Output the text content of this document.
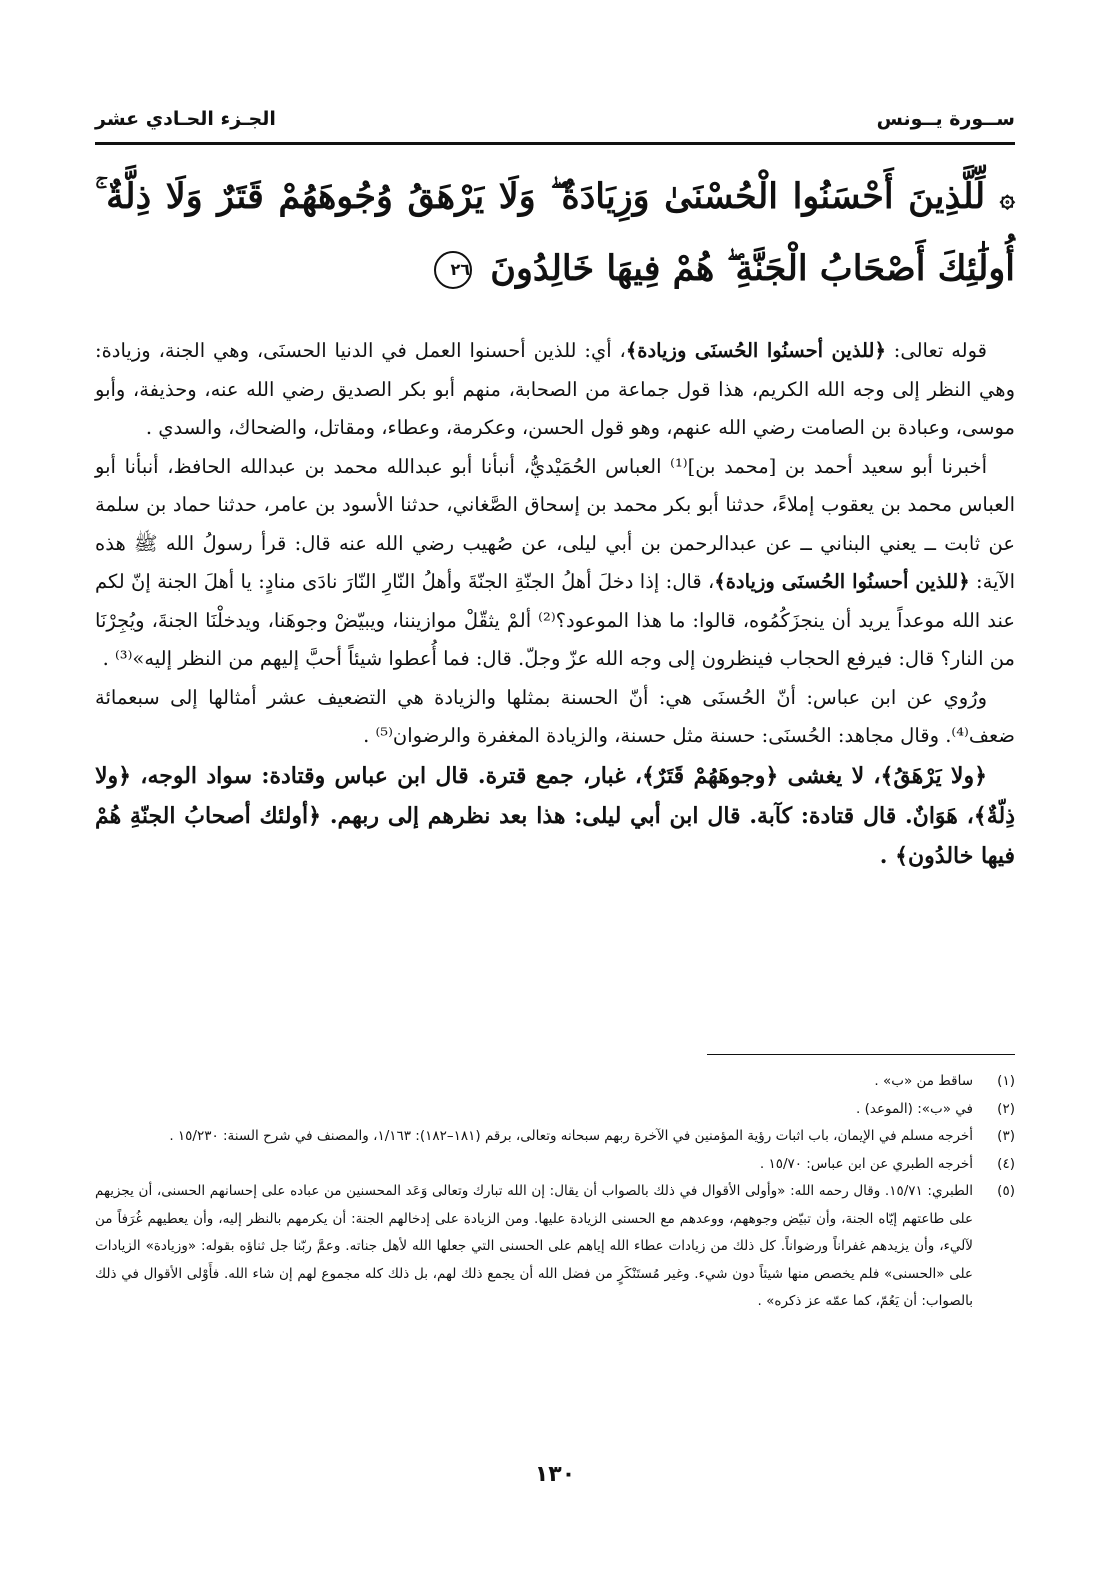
ســورة يــونس
الجـزء الحـادي عشر
۞ لِّلَّذِينَ أَحْسَنُوا الْحُسْنَىٰ وَزِيَادَةٌ ۖ وَلَا يَرْهَقُ وُجُوهَهُمْ قَتَرٌ وَلَا ذِلَّةٌ ۚ أُولَٰئِكَ أَصْحَابُ الْجَنَّةِ ۖ هُمْ فِيهَا خَالِدُونَ ٢٦

قوله تعالى: ﴿للذين أحسنُوا الحُسنَى وزيادة﴾، أي: للذين أحسنوا العمل في الدنيا الحسنَى، وهي الجنة، وزيادة: وهي النظر إلى وجه الله الكريم، هذا قول جماعة من الصحابة، منهم أبو بكر الصديق رضي الله عنه، وحذيفة، وأبو موسى، وعبادة بن الصامت رضي الله عنهم، وهو قول الحسن، وعكرمة، وعطاء، ومقاتل، والضحاك، والسدي .

أخبرنا أبو سعيد أحمد بن [محمد بن]⁽¹⁾ العباس الحُمَيْديُّ، أنبأنا أبو عبدالله محمد بن عبدالله الحافظ، أنبأنا أبو العباس محمد بن يعقوب إملاءً، حدثنا أبو بكر محمد بن إسحاق الصَّغاني، حدثنا الأسود بن عامر، حدثنا حماد بن سلمة عن ثابت ــ يعني البناني ــ عن عبدالرحمن بن أبي ليلى، عن صُهيب رضي الله عنه قال: قرأ رسولُ الله ﷺ هذه الآية: ﴿للذين أحسنُوا الحُسنَى وزيادة﴾، قال: إذا دخلَ أهلُ الجنّةِ الجنّةَ وأهلُ النّارِ النّارَ نادَى منادٍ: يا أهلَ الجنة إنّ لكم عند الله موعداً يريد أن ينجزَكُمُوه، قالوا: ما هذا الموعود؟⁽²⁾ ألمْ يثقّلْ موازيننا، ويبيّضْ وجوهَنا، ويدخلْنَا الجنةَ، ويُجِرْنَا من النار؟ قال: فيرفع الحجاب فينظرون إلى وجه الله عزّ وجلّ. قال: فما أُعطوا شيئاً أحبَّ إليهم من النظر إليه»⁽³⁾ .

ورُوي عن ابن عباس: أنّ الحُسنَى هي: أنّ الحسنة بمثلها والزيادة هي التضعيف عشر أمثالها إلى سبعمائة ضعف⁽⁴⁾. وقال مجاهد: الحُسنَى: حسنة مثل حسنة، والزيادة المغفرة والرضوان⁽⁵⁾ .

﴿ولا يَرْهَقُ﴾، لا يغشى ﴿وجوهَهُمْ قَتَرٌ﴾، غبار، جمع قترة. قال ابن عباس وقتادة: سواد الوجه، ﴿ولا ذِلّةٌ﴾، هَوَانٌ. قال قتادة: كآبة. قال ابن أبي ليلى: هذا بعد نظرهم إلى ربهم. ﴿أولئك أصحابُ الجنّةِ هُمْ فيها خالدُون﴾ .

(١)
ساقط من «ب» .
(٢)
في «ب»: (الموعد) .
(٣)
أخرجه مسلم في الإيمان، باب اثبات رؤية المؤمنين في الآخرة ربهم سبحانه وتعالى، برقم (١٨١–١٨٢): ١/١٦٣، والمصنف في شرح السنة: ١٥/٢٣٠ .
(٤)
أخرجه الطبري عن ابن عباس: ١٥/٧٠ .
(٥)
الطبري: ١٥/٧١. وقال رحمه الله: «وأولى الأقوال في ذلك بالصواب أن يقال: إن الله تبارك وتعالى وَعَد المحسنين من عباده على إحسانهم الحسنى، أن يجزيهم على طاعتهم إيّاه الجنة، وأن تبيّض وجوههم، ووعدهم مع الحسنى الزيادة عليها. ومن الزيادة على إدخالهم الجنة: أن يكرمهم بالنظر إليه، وأن يعطيهم غُرَفاً من لآليء، وأن يزيدهم غفراناً ورضواناً. كل ذلك من زيادات عطاء الله إياهم على الحسنى التي جعلها الله لأهل جناته. وعمَّ ربّنا جل ثناؤه بقوله: «وزيادة» الزيادات على «الحسنى» فلم يخصص منها شيئاً دون شيء. وغير مُستَنْكَرٍ من فضل الله أن يجمع ذلك لهم، بل ذلك كله مجموع لهم إن شاء الله. فأَوْلى الأقوال في ذلك بالصواب: أن يَعُمّ، كما عمّه عز ذكره» .
١٣٠
